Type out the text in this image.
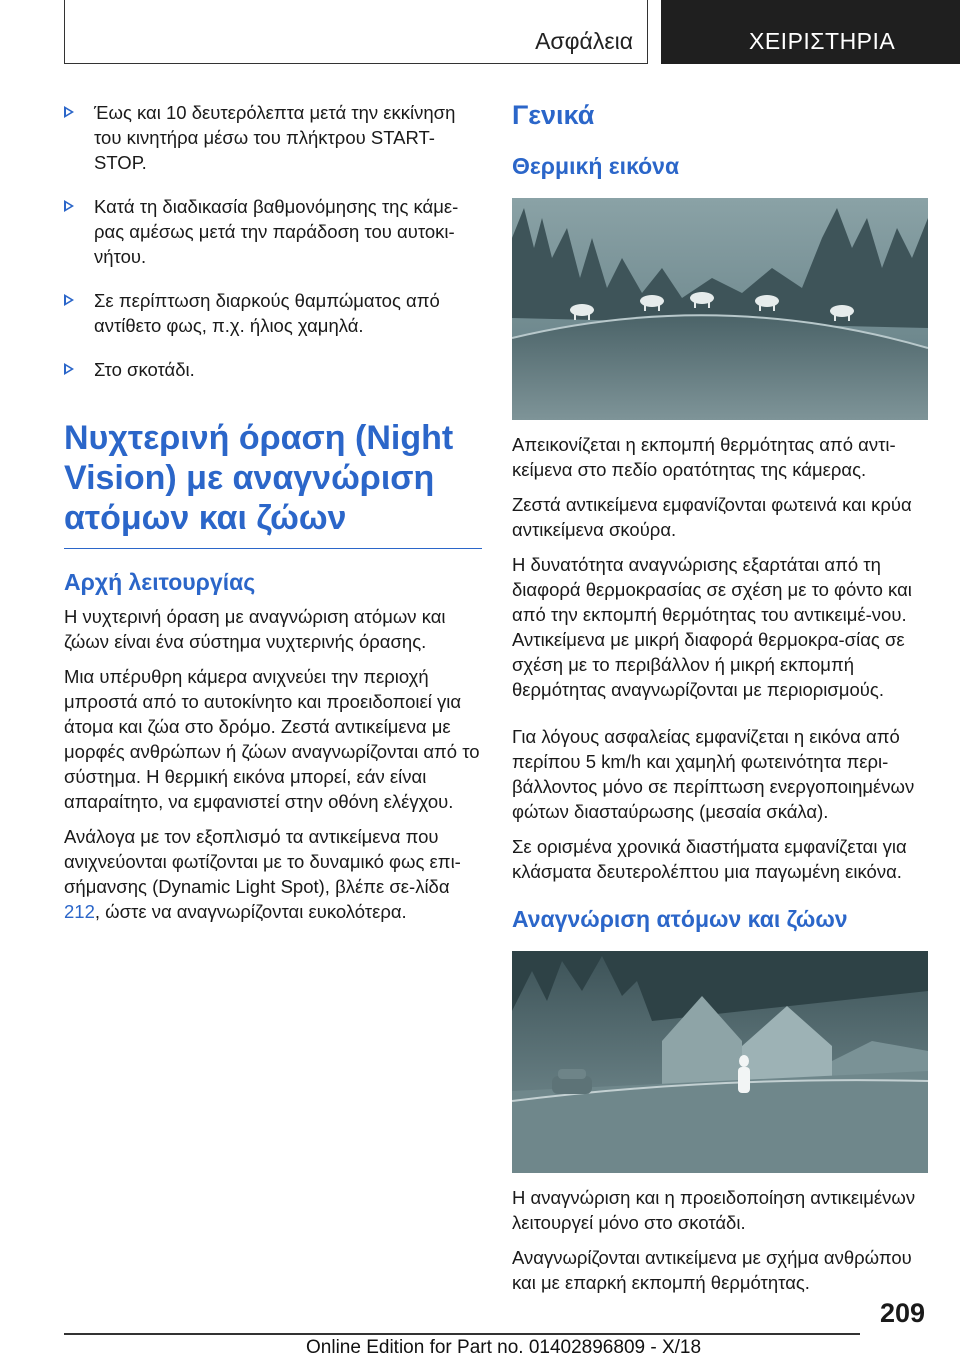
Ασφάλεια	ΧΕΙΡΙΣΤΗΡΙΑ
Έως και 10 δευτερόλεπτα μετά την εκκίνηση του κινητήρα μέσω του πλήκτρου START-STOP.
Κατά τη διαδικασία βαθμονόμησης της κάμε-ρας αμέσως μετά την παράδοση του αυτοκι-νήτου.
Σε περίπτωση διαρκούς θαμπώματος από αντίθετο φως, π.χ. ήλιος χαμηλά.
Στο σκοτάδι.
Νυχτερινή όραση (Night Vision) με αναγνώριση ατόμων και ζώων
Αρχή λειτουργίας

Η νυχτερινή όραση με αναγνώριση ατόμων και ζώων είναι ένα σύστημα νυχτερινής όρασης.

Μια υπέρυθρη κάμερα ανιχνεύει την περιοχή μπροστά από το αυτοκίνητο και προειδοποιεί για άτομα και ζώα στο δρόμο. Ζεστά αντικείμενα με μορφές ανθρώπων ή ζώων αναγνωρίζονται από το σύστημα. Η θερμική εικόνα μπορεί, εάν είναι απαραίτητο, να εμφανιστεί στην οθόνη ελέγχου.

Ανάλογα με τον εξοπλισμό τα αντικείμενα που ανιχνεύονται φωτίζονται με το δυναμικό φως επι-σήμανσης (Dynamic Light Spot), βλέπε σε-λίδα 212, ώστε να αναγνωρίζονται ευκολότερα.

Γενικά
Θερμική εικόνα

Απεικονίζεται η εκπομπή θερμότητας από αντι-κείμενα στο πεδίο ορατότητας της κάμερας.

Ζεστά αντικείμενα εμφανίζονται φωτεινά και κρύα αντικείμενα σκούρα.

Η δυνατότητα αναγνώρισης εξαρτάται από τη διαφορά θερμοκρασίας σε σχέση με το φόντο και από την εκπομπή θερμότητας του αντικειμέ-νου. Αντικείμενα με μικρή διαφορά θερμοκρα-σίας σε σχέση με το περιβάλλον ή μικρή εκπομπή θερμότητας αναγνωρίζονται με περιορισμούς.

Για λόγους ασφαλείας εμφανίζεται η εικόνα από περίπου 5 km/h και χαμηλή φωτεινότητα περι-βάλλοντος μόνο σε περίπτωση ενεργοποιημένων φώτων διασταύρωσης (μεσαία σκάλα).

Σε ορισμένα χρονικά διαστήματα εμφανίζεται για κλάσματα δευτερολέπτου μια παγωμένη εικόνα.

Αναγνώριση ατόμων και ζώων

Η αναγνώριση και η προειδοποίηση αντικειμένων λειτουργεί μόνο στο σκοτάδι.

Αναγνωρίζονται αντικείμενα με σχήμα ανθρώπου και με επαρκή εκπομπή θερμότητας.

209
Online Edition for Part no. 01402896809 - X/18
